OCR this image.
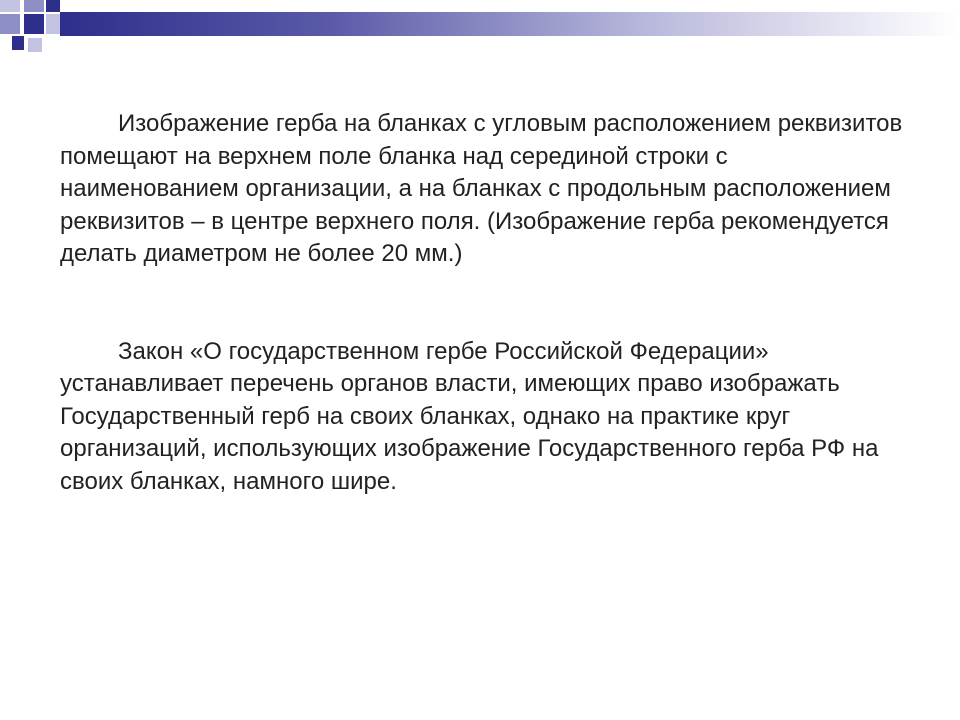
Изображение герба на бланках с угловым расположением реквизитов помещают на верхнем поле бланка над серединой строки с наименованием организации, а на бланках с продольным расположением реквизитов – в центре верхнего поля. (Изображение герба рекомендуется делать диаметром не более 20 мм.)

Закон «О государственном гербе Российской Федерации» устанавливает перечень органов власти, имеющих право изображать Государственный герб на своих бланках, однако на практике круг организаций, использующих изображение Государственного герба РФ на своих бланках, намного шире.
